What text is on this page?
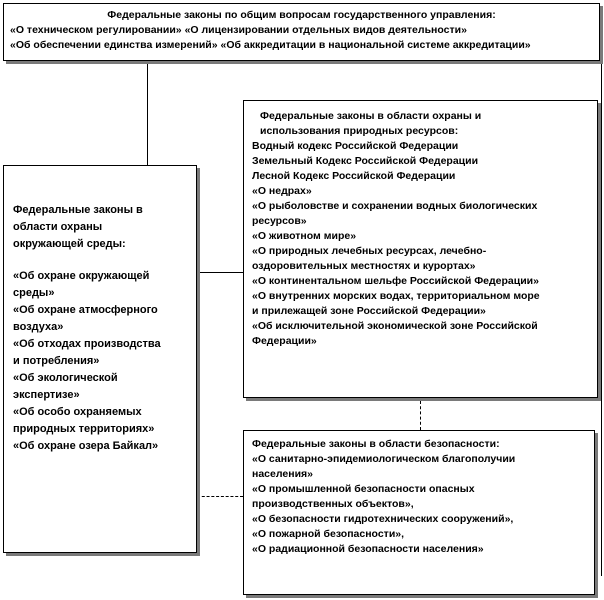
Федеральные законы по общим вопросам государственного управления:
«О техническом регулировании» «О лицензировании отдельных видов деятельности»
«Об обеспечении единства измерений» «Об аккредитации в национальной системе аккредитации»
Федеральные законы в области охраны и
использования природных ресурсов:
Водный кодекс Российской Федерации
Земельный Кодекс Российской Федерации
Лесной Кодекс Российской Федерации
«О недрах»
«О рыболовстве и сохранении водных биологических
ресурсов»
«О животном мире»
«О природных лечебных ресурсах, лечебно-
оздоровительных местностях и курортах»
«О континентальном шельфе Российской Федерации»
«О внутренних морских водах, территориальном море
и прилежащей зоне Российской Федерации»
«Об исключительной экономической зоне Российской
Федерации»
Федеральные законы в
области охраны
окружающей среды:
«Об охране окружающей
среды»
«Об охране атмосферного
воздуха»
«Об отходах производства
и потребления»
«Об экологической
экспертизе»
«Об особо охраняемых
природных территориях»
«Об охране озера Байкал»	Федеральные законы в области безопасности:
«О санитарно-эпидемиологическом благополучии
населения»
«О промышленной безопасности опасных
производственных объектов»,
«О безопасности гидротехнических сооружений»,
«О пожарной безопасности»,
«О радиационной безопасности населения»
